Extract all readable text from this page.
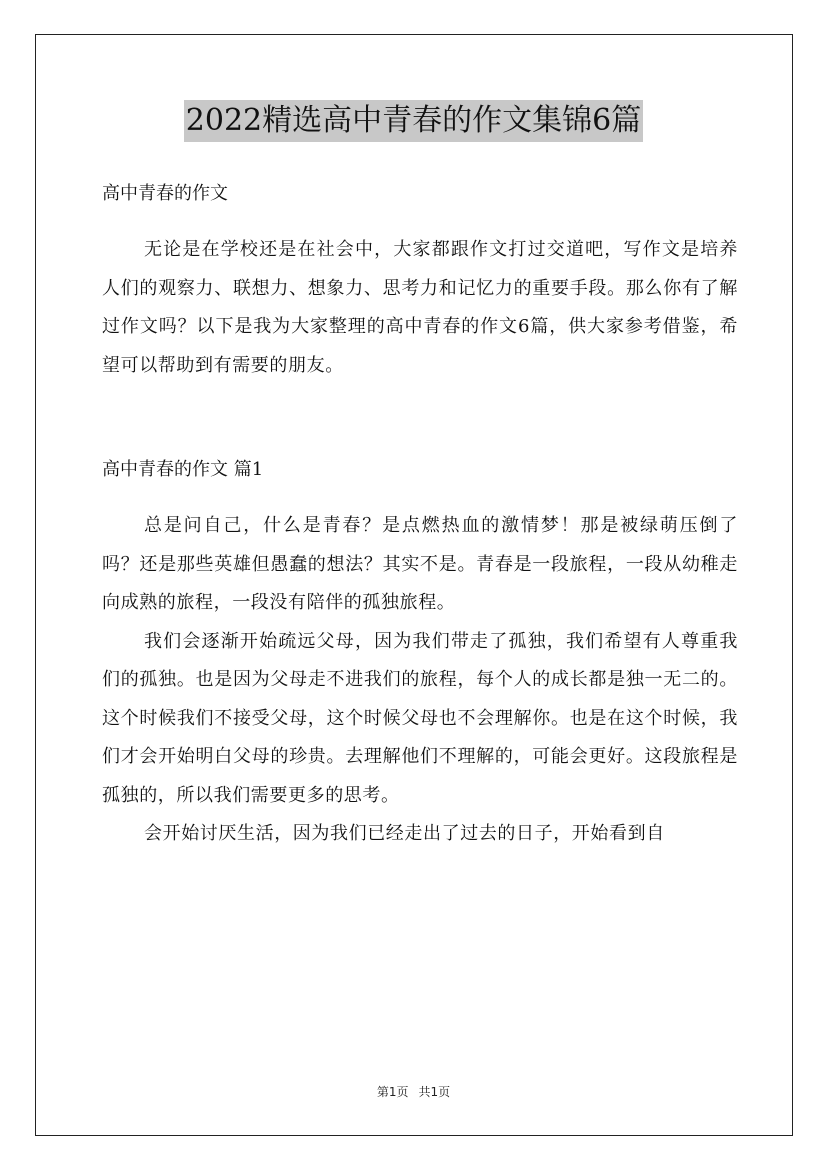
2022精选高中青春的作文集锦6篇

高中青春的作文

无论是在学校还是在社会中，大家都跟作文打过交道吧，写作文是培养人们的观察力、联想力、想象力、思考力和记忆力的重要手段。那么你有了解过作文吗？以下是我为大家整理的高中青春的作文6篇，供大家参考借鉴，希望可以帮助到有需要的朋友。

高中青春的作文 篇1

总是问自己，什么是青春？是点燃热血的激情梦！那是被绿萌压倒了吗？还是那些英雄但愚蠢的想法？其实不是。青春是一段旅程，一段从幼稚走向成熟的旅程，一段没有陪伴的孤独旅程。

我们会逐渐开始疏远父母，因为我们带走了孤独，我们希望有人尊重我们的孤独。也是因为父母走不进我们的旅程，每个人的成长都是独一无二的。这个时候我们不接受父母，这个时候父母也不会理解你。也是在这个时候，我们才会开始明白父母的珍贵。去理解他们不理解的，可能会更好。这段旅程是孤独的，所以我们需要更多的思考。

会开始讨厌生活，因为我们已经走出了过去的日子，开始看到自

第1页 共1页
